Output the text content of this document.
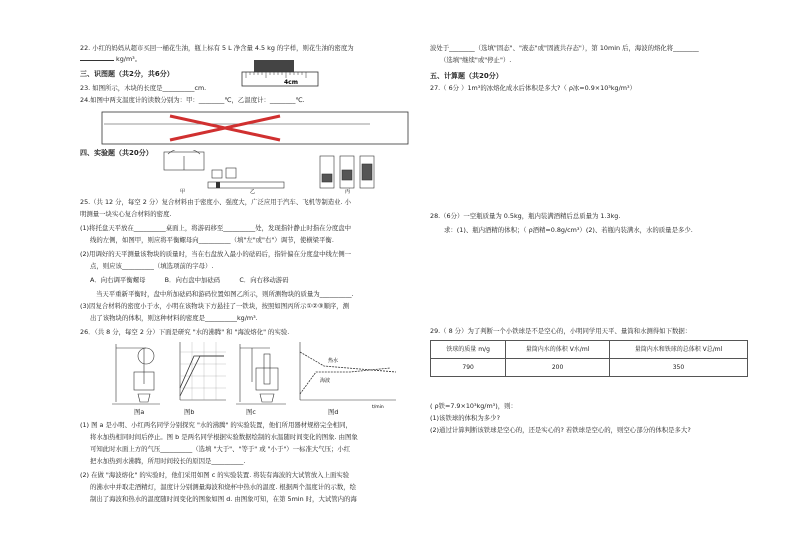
22. 小红的妈妈从超市买回一桶花生油，瓶上标有 5 L 净含量 4.5 kg 的字样，则花生油的密度为
kg/m³。
三、识图题（共2分，共6分）
23. 如图所示，木块的长度是__________cm.
4cm
24.如图中两支温度计的读数分别为：甲：________℃，乙温度计：________℃.
四、实验题（共20分）
甲	乙	丙
25.（共 12 分，每空 2 分）复合材料由于密度小、强度大，广泛应用于汽车、飞机等制造业. 小
明测量一块实心复合材料的密度.
(1)将托盘天平放在__________桌面上，将游码移至__________处，发现指针静止时指在分度盘中
线的左侧，如图甲，则应将平衡螺母向__________（填"左"或"右"）调节，使横梁平衡.
(2)用调好的天平测量该物块的质量时，当在右盘放入最小的砝码后，指针偏在分度盘中线左侧一
点，则应该__________（填选项前的字母）.
A．向右调平衡螺母　　　B．向右盘中加砝码　　　C．向右移动游码
当天平重新平衡时，盘中所加砝码和游码位置如图乙所示，则所测物块的质量为__________.
(3)因复合材料的密度小于水，小明在该物块下方悬挂了一铁块，按照如图丙所示①②③顺序，测
出了该物块的体积，则这种材料的密度是__________kg/m³.
26．（共 8 分，每空 2 分）下面是研究 "水的沸腾" 和 "海波熔化" 的实验.
热水
海波
t/min
图a	图b	图c	图d
(1) 图 a 是小明、小红两名同学分别探究 "水的沸腾" 的实验装置，他们所用器材规格完全相同，
将水加热相同时间后停止。图 b 是两名同学根据实验数据绘制的水温随时间变化的图象. 由图象
可知此时水面上方的气压__________（选填 "大于"、"等于" 或 "小于"）一标准大气压；小红
把水加热到水沸腾，所用时间较长的原因是__________.
(2) 在做 "海波熔化" 的实验时，他们采用如图 c 的实验装置. 将装有海波的大试管放入上面实验
的沸水中并取走酒精灯，温度计分别测量海波和烧杯中热水的温度. 根据两个温度计的示数，绘
制出了海波和热水的温度随时间变化的图象如图 d. 由图象可知，在第 5min 时，大试管内的海
波处于________（选填"固态"、"液态"或"固液共存态"），第 10min 后，海波的熔化将________
（选填"继续"或"停止"）.
五、计算题（共20分）
27.（ 6分 ）1m³的冰熔化成水后体积是多大?（ ρ冰=0.9×10³kg/m³）
28.（6分）一空瓶质量为 0.5kg，瓶内装满酒精后总质量为 1.3kg.
求：(1)、瓶内酒精的体积；（ ρ酒精=0.8g/cm³）(2)、若瓶内装满水，水的质量是多少.
29.（ 8 分）为了判断一个小铁球是不是空心的，小明同学用天平、量筒和水测得如下数据：
铁球的质量 m/g	量筒内水的体积 V水/ml	量筒内水和铁球的总体积 V总/ml
790	200	350
( ρ铁=7.9×10³kg/m³)，则：
(1)该铁球的体积为多少?
(2)通过计算判断该铁球是空心的，还是实心的? 若铁球是空心的，则空心部分的体积是多大?
